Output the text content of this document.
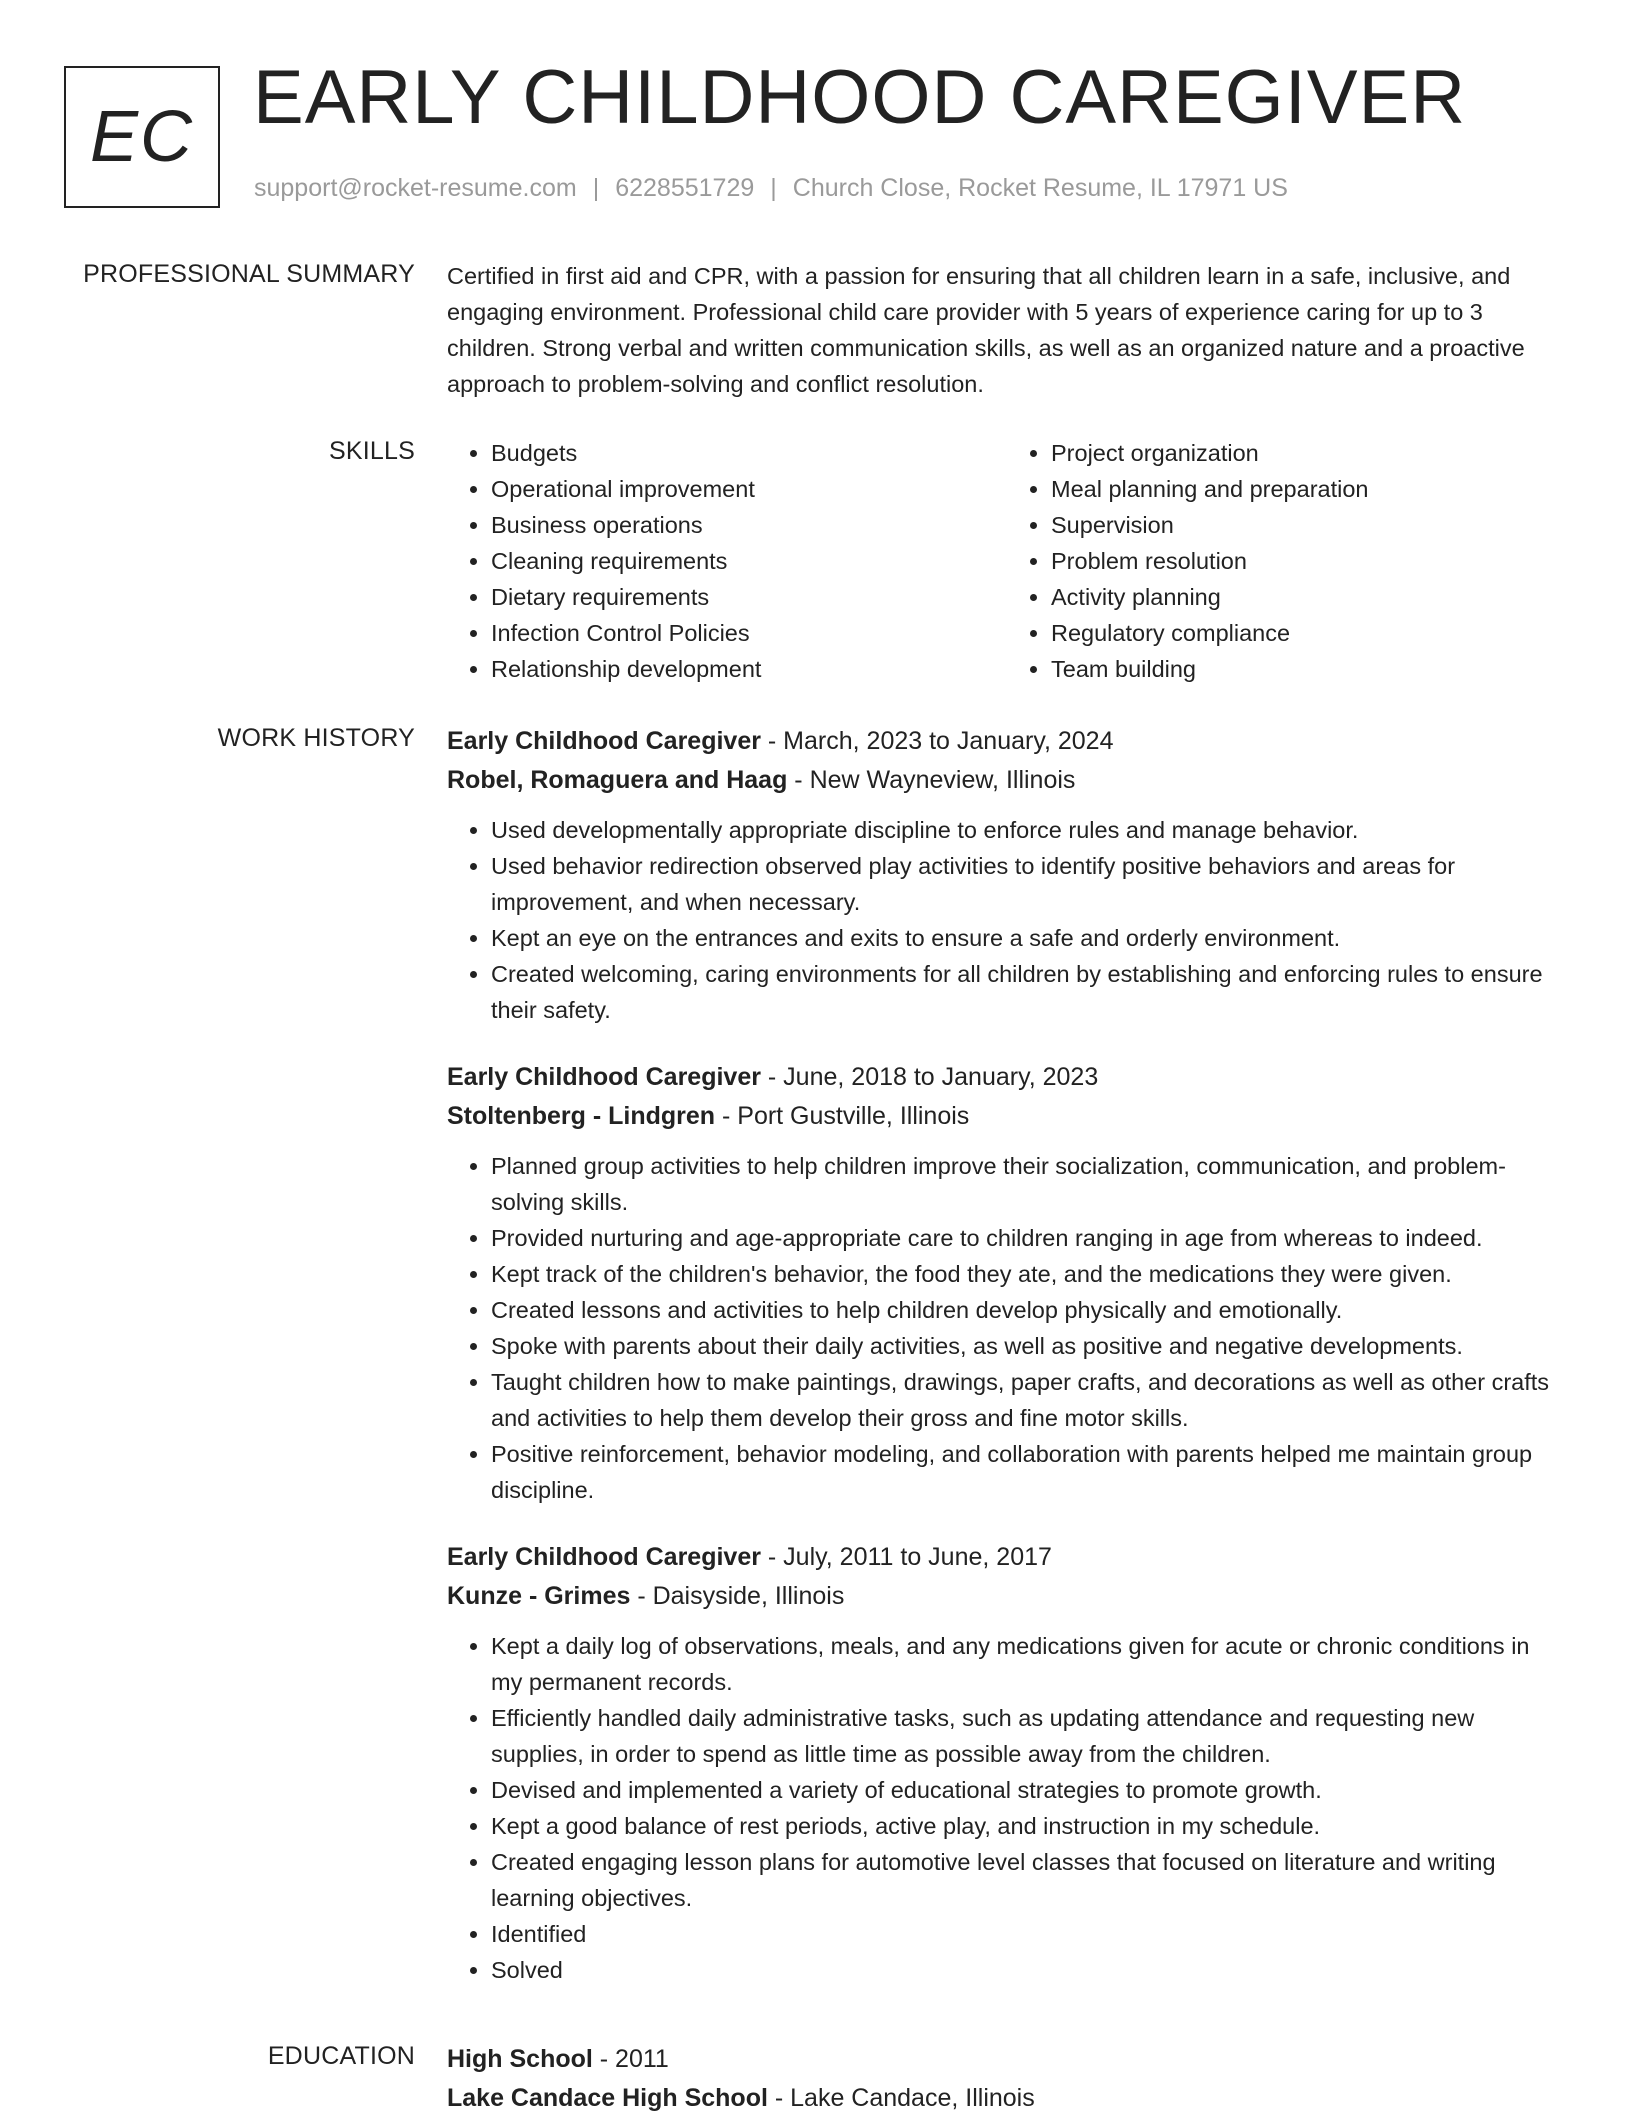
EC EARLY CHILDHOOD CAREGIVER
support@rocket-resume.com | 6228551729 | Church Close, Rocket Resume, IL 17971 US
PROFESSIONAL SUMMARY Certified in first aid and CPR, with a passion for ensuring that all children learn in a safe, inclusive, and engaging environment. Professional child care provider with 5 years of experience caring for up to 3 children. Strong verbal and written communication skills, as well as an organized nature and a proactive approach to problem-solving and conflict resolution.

SKILLS
•	Budgets
• Operational improvement
• Business operations
• Cleaning requirements
• Dietary requirements
• Infection Control Policies
• Relationship development
• Project organization
• Meal planning and preparation
• Supervision
• Problem resolution
• Activity planning
• Regulatory compliance
• Team building
WORK HISTORY Early Childhood Caregiver - March, 2023 to January, 2024
Robel, Romaguera and Haag - New Wayneview, Illinois
• Used developmentally appropriate discipline to enforce rules and manage behavior.
• Used behavior redirection observed play activities to identify positive behaviors and areas for improvement, and when necessary.
• Kept an eye on the entrances and exits to ensure a safe and orderly environment.
• Created welcoming, caring environments for all children by establishing and enforcing rules to ensure their safety.
Early Childhood Caregiver - June, 2018 to January, 2023
Stoltenberg - Lindgren - Port Gustville, Illinois
• Planned group activities to help children improve their socialization, communication, and problem-solving skills.
• Provided nurturing and age-appropriate care to children ranging in age from whereas to indeed.
• Kept track of the children's behavior, the food they ate, and the medications they were given.
• Created lessons and activities to help children develop physically and emotionally.
• Spoke with parents about their daily activities, as well as positive and negative developments.
• Taught children how to make paintings, drawings, paper crafts, and decorations as well as other crafts and activities to help them develop their gross and fine motor skills.
• Positive reinforcement, behavior modeling, and collaboration with parents helped me maintain group discipline.
Early Childhood Caregiver - July, 2011 to June, 2017
Kunze - Grimes - Daisyside, Illinois
• Kept a daily log of observations, meals, and any medications given for acute or chronic conditions in my permanent records.
• Efficiently handled daily administrative tasks, such as updating attendance and requesting new supplies, in order to spend as little time as possible away from the children.
• Devised and implemented a variety of educational strategies to promote growth.
• Kept a good balance of rest periods, active play, and instruction in my schedule.
• Created engaging lesson plans for automotive level classes that focused on literature and writing learning objectives.
• Identified
• Solved
EDUCATION High School - 2011
Lake Candace High School - Lake Candace, Illinois
